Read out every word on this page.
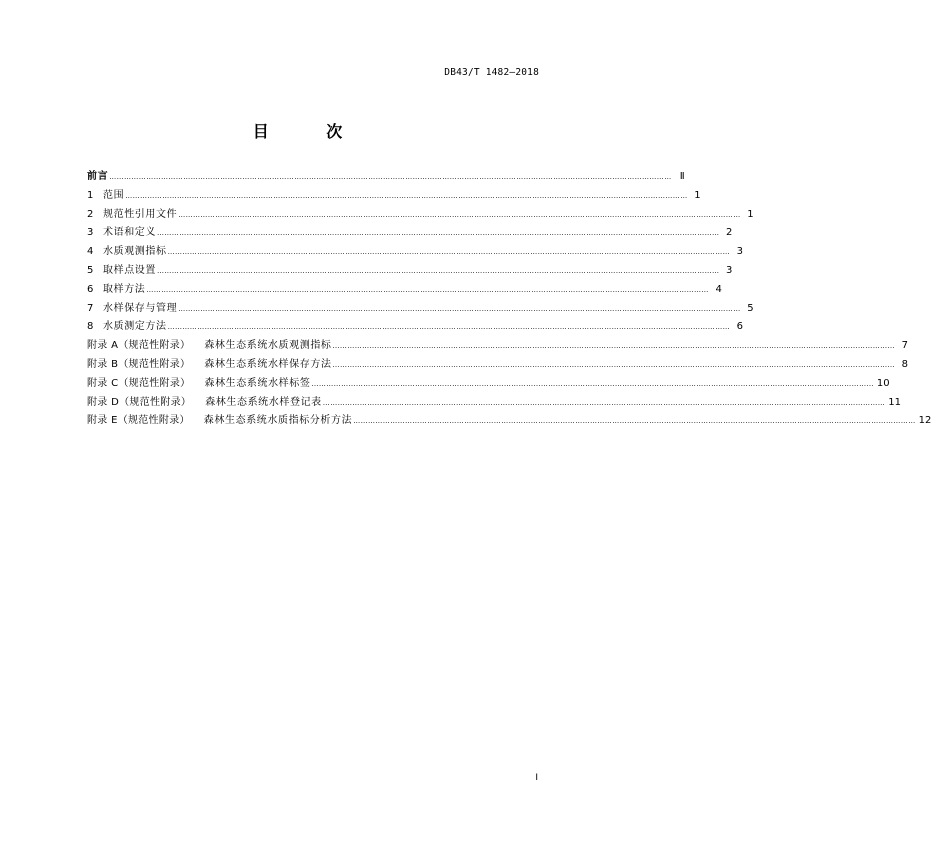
DB43/T 1482—2018
目 次
前言 ………………………………………………………………………………………………………………………………………………………………………………………………………… Ⅱ
1 范围 ………………………………………………………………………………………………………………………………………………………………………………………………………… 1
2 规范性引用文件 ………………………………………………………………………………………………………………………………………………………………………………………………………… 1
3 术语和定义 ………………………………………………………………………………………………………………………………………………………………………………………………………… 2
4 水质观测指标 ………………………………………………………………………………………………………………………………………………………………………………………………………… 3
5 取样点设置 ………………………………………………………………………………………………………………………………………………………………………………………………………… 3
6 取样方法 ………………………………………………………………………………………………………………………………………………………………………………………………………… 4
7 水样保存与管理 ………………………………………………………………………………………………………………………………………………………………………………………………………… 5
8 水质测定方法 ………………………………………………………………………………………………………………………………………………………………………………………………………… 6
附录 A（规范性附录） 森林生态系统水质观测指标 ………………………………………………………………………………………………………………………………………………………………………………………………………… 7
附录 B（规范性附录） 森林生态系统水样保存方法 ………………………………………………………………………………………………………………………………………………………………………………………………………… 8
附录 C（规范性附录） 森林生态系统水样标签 ………………………………………………………………………………………………………………………………………………………………………………………………………… 10
附录 D（规范性附录） 森林生态系统水样登记表 ………………………………………………………………………………………………………………………………………………………………………………………………………… 11
附录 E（规范性附录） 森林生态系统水质指标分析方法 ………………………………………………………………………………………………………………………………………………………………………………………………………… 12
I
